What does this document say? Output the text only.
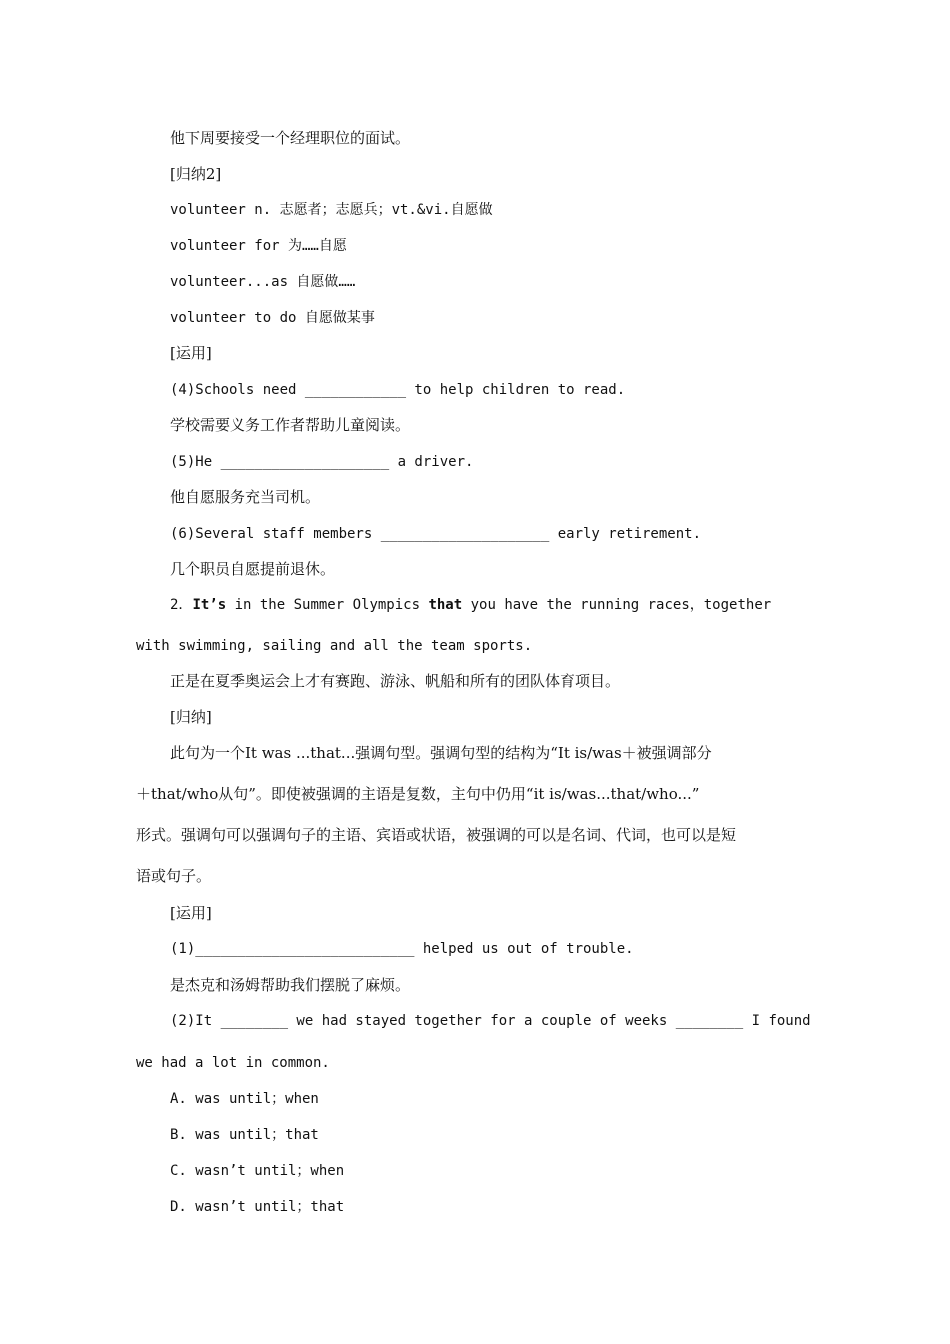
他下周要接受一个经理职位的面试。
[归纳2]
volunteer n. 志愿者；志愿兵；vt.&vi.自愿做
volunteer for 为……自愿
volunteer...as 自愿做……
volunteer to do 自愿做某事
[运用]
(4)Schools need ____________ to help children to read.
学校需要义务工作者帮助儿童阅读。
(5)He ____________________ a driver.
他自愿服务充当司机。
(6)Several staff members ____________________ early retirement.
几个职员自愿提前退休。
2．It’s in the Summer Olympics that you have the running races，together
with swimming, sailing and all the team sports.
正是在夏季奥运会上才有赛跑、游泳、帆船和所有的团队体育项目。
[归纳]
此句为一个It was ...that...强调句型。强调句型的结构为“It is/was＋被强调部分
＋that/who从句”。即使被强调的主语是复数，主句中仍用“it is/was...that/who...”
形式。强调句可以强调句子的主语、宾语或状语，被强调的可以是名词、代词，也可以是短
语或句子。
[运用]
(1)__________________________ helped us out of trouble.
是杰克和汤姆帮助我们摆脱了麻烦。
(2)It ________ we had stayed together for a couple of weeks ________ I found
we had a lot in common.
A. was until；when
B. was until；that
C. wasn’t until；when
D. wasn’t until；that
